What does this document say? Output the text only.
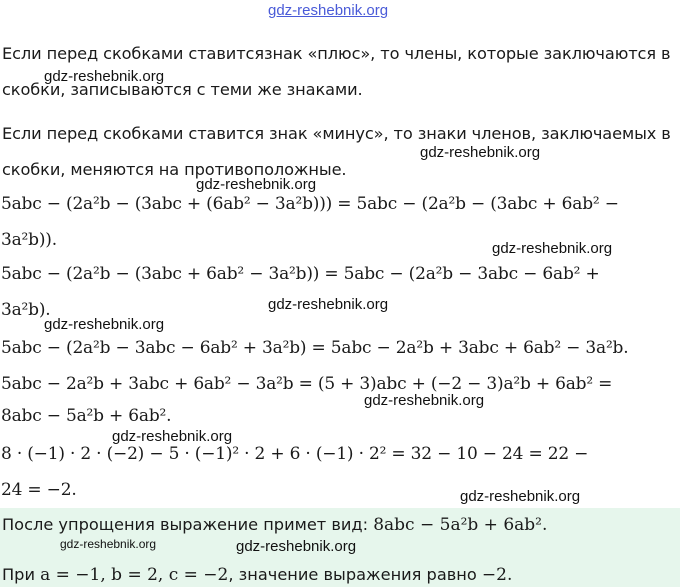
gdz-reshebnik.org
Если перед скобками ставитсязнак «плюс», то члены, которые заключаются в
gdz-reshebnik.org
скобки, записываются с теми же знаками.
Если перед скобками ставится знак «минус», то знаки членов, заключаемых в
gdz-reshebnik.org
скобки, меняются на противоположные.
gdz-reshebnik.org
5abc − (2a²b − (3abc + (6ab² − 3a²b))) = 5abc − (2a²b − (3abc + 6ab² −
3a²b)).	gdz-reshebnik.org
5abc − (2a²b − (3abc + 6ab² − 3a²b)) = 5abc − (2a²b − 3abc − 6ab² +
gdz-reshebnik.org
3a²b).
gdz-reshebnik.org
5abc − (2a²b − 3abc − 6ab² + 3a²b) = 5abc − 2a²b + 3abc + 6ab² − 3a²b.
5abc − 2a²b + 3abc + 6ab² − 3a²b = (5 + 3)abc + (−2 − 3)a²b + 6ab² =
gdz-reshebnik.org
8abc − 5a²b + 6ab².
gdz-reshebnik.org
8 · (−1) · 2 · (−2) − 5 · (−1)² · 2 + 6 · (−1) · 2² = 32 − 10 − 24 = 22 −
24 = −2.	gdz-reshebnik.org
После упрощения выражение примет вид: 8abc − 5a²b + 6ab².
gdz-reshebnik.org	gdz-reshebnik.org
При a = −1, b = 2, c = −2, значение выражения равно −2.
